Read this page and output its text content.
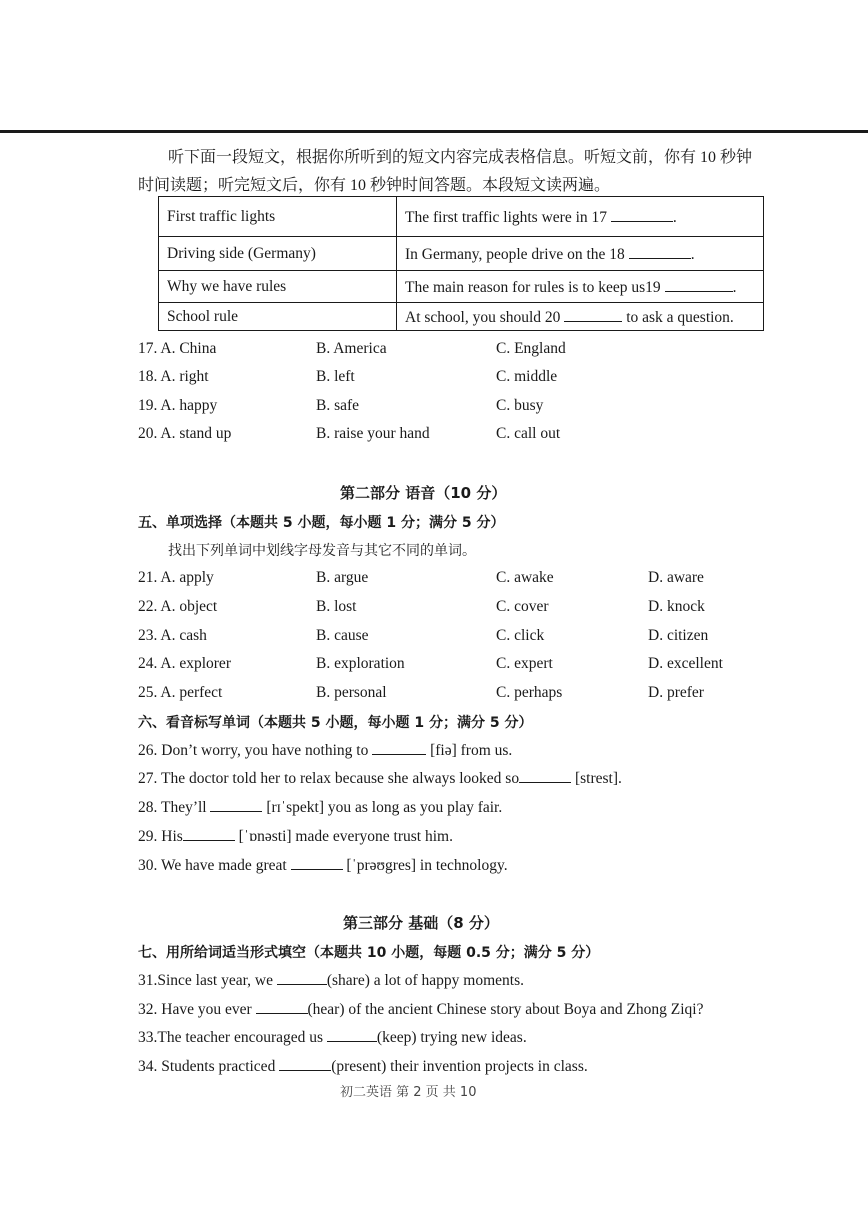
听下面一段短文，根据你所听到的短文内容完成表格信息。听短文前，你有 10 秒钟
时间读题；听完短文后，你有 10 秒钟时间答题。本段短文读两遍。
First traffic lights	The first traffic lights were in 17 .
Driving side (Germany)	In Germany, people drive on the 18 .
Why we have rules	The main reason for rules is to keep us19 .
School rule	At school, you should 20 to ask a question.
17. A. China	B. America	C. England
18. A. right	B. left	C. middle
19. A. happy	B. safe	C. busy
20. A. stand up	B. raise your hand	C. call out
第二部分 语音（10 分）
五、单项选择（本题共 5 小题，每小题 1 分；满分 5 分）
找出下列单词中划线字母发音与其它不同的单词。
21. A. apply	B. argue	C. awake	D. aware
22. A. object	B. lost	C. cover	D. knock
23. A. cash	B. cause	C. click	D. citizen
24. A. explorer	B. exploration	C. expert	D. excellent
25. A. perfect	B. personal	C. perhaps	D. prefer
六、看音标写单词（本题共 5 小题，每小题 1 分；满分 5 分）
26. Don’t worry, you have nothing to	[fiə] from us.
27. The doctor told her to relax because she always looked so	[strest].
28. They’ll	[rɪˈspekt] you as long as you play fair.
29. His	[ˈɒnəsti] made everyone trust him.
30. We have made great	[ˈprəʊgres] in technology.
第三部分 基础（8 分）
七、用所给词适当形式填空（本题共 10 小题，每题 0.5 分；满分 5 分）
31.Since last year, we	(share) a lot of happy moments.
32. Have you ever	(hear) of the ancient Chinese story about Boya and Zhong Ziqi?
33.The teacher encouraged us	(keep) trying new ideas.
34. Students practiced	(present) their invention projects in class.
初二英语 第 2 页 共 10
